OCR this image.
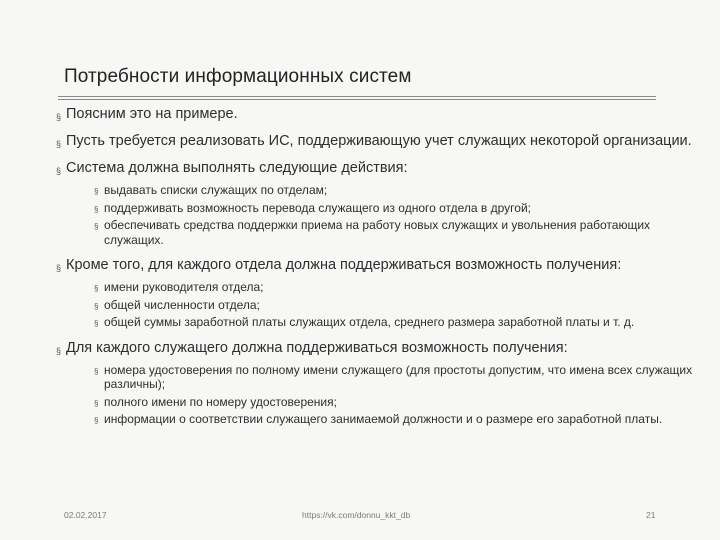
Потребности информационных систем
§ Поясним это на примере.
§ Пусть требуется реализовать ИС, поддерживающую учет служащих некоторой организации.
§ Система должна выполнять следующие действия:
§ выдавать списки служащих по отделам;
§ поддерживать возможность перевода служащего из одного отдела в другой;
§ обеспечивать средства поддержки приема на работу новых служащих и увольнения работающих служащих.
§ Кроме того, для каждого отдела должна поддерживаться возможность получения:
§ имени руководителя отдела;
§ общей численности отдела;
§ общей суммы заработной платы служащих отдела, среднего размера заработной платы и т. д.
§ Для каждого служащего должна поддерживаться возможность получения:
§ номера удостоверения по полному имени служащего (для простоты допустим, что имена всех служащих различны);
§ полного имени по номеру удостоверения;
§ информации о соответствии служащего занимаемой должности и о размере его заработной платы.
02.02.2017	https://vk.com/donnu_kkt_db	21
